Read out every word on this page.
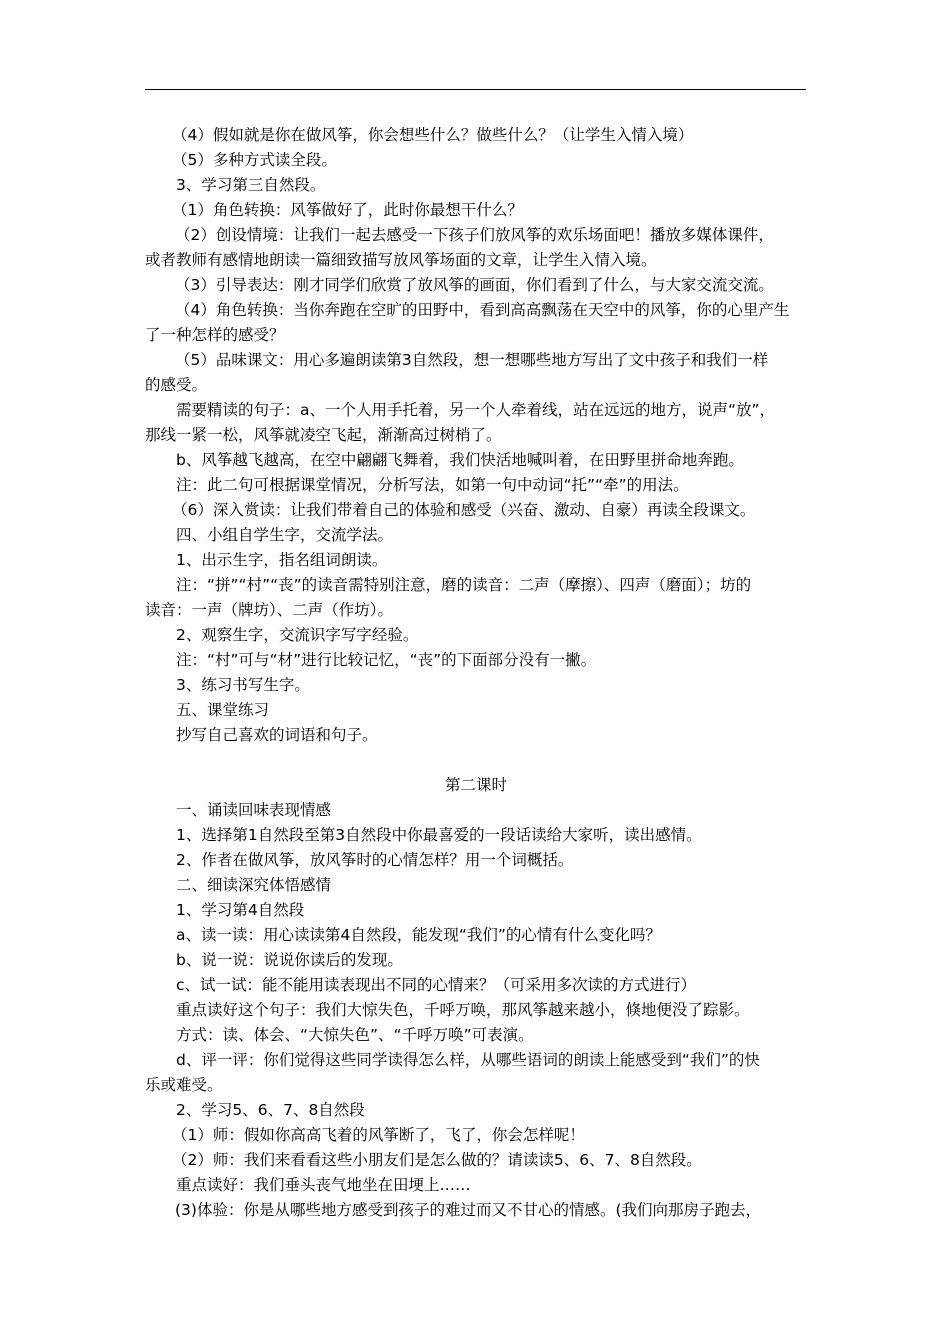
（4）假如就是你在做风筝，你会想些什么？做些什么？（让学生入情入境）
（5）多种方式读全段。
3、学习第三自然段。
（1）角色转换：风筝做好了，此时你最想干什么？
（2）创设情境：让我们一起去感受一下孩子们放风筝的欢乐场面吧！播放多媒体课件，
或者教师有感情地朗读一篇细致描写放风筝场面的文章，让学生入情入境。
（3）引导表达：刚才同学们欣赏了放风筝的画面，你们看到了什么，与大家交流交流。
（4）角色转换：当你奔跑在空旷的田野中，看到高高飘荡在天空中的风筝，你的心里产生
了一种怎样的感受？
（5）品味课文：用心多遍朗读第3自然段，想一想哪些地方写出了文中孩子和我们一样
的感受。
需要精读的句子：a、一个人用手托着，另一个人牵着线，站在远远的地方，说声“放”，
那线一紧一松，风筝就凌空飞起，渐渐高过树梢了。
b、风筝越飞越高，在空中翩翩飞舞着，我们快活地喊叫着，在田野里拼命地奔跑。
注：此二句可根据课堂情况，分析写法，如第一句中动词“托”“牵”的用法。
（6）深入赏读：让我们带着自己的体验和感受（兴奋、激动、自豪）再读全段课文。
四、小组自学生字，交流学法。
1、出示生字，指名组词朗读。
注：“拼”“村”“丧”的读音需特别注意，磨的读音：二声（摩擦）、四声（磨面）；坊的
读音：一声（牌坊）、二声（作坊）。
2、观察生字，交流识字写字经验。
注：“村”可与“材”进行比较记忆，“丧”的下面部分没有一撇。
3、练习书写生字。
五、课堂练习
抄写自己喜欢的词语和句子。
第二课时
一、诵读回味表现情感
1、选择第1自然段至第3自然段中你最喜爱的一段话读给大家听，读出感情。
2、作者在做风筝，放风筝时的心情怎样？用一个词概括。
二、细读深究体悟感情
1、学习第4自然段
a、读一读：用心读读第4自然段，能发现“我们”的心情有什么变化吗？
b、说一说：说说你读后的发现。
c、试一试：能不能用读表现出不同的心情来？（可采用多次读的方式进行）
重点读好这个句子：我们大惊失色，千呼万唤，那风筝越来越小，倏地便没了踪影。
方式：读、体会、“大惊失色”、“千呼万唤”可表演。
d、评一评：你们觉得这些同学读得怎么样，从哪些语词的朗读上能感受到“我们”的快
乐或难受。
2、学习5、6、7、8自然段
（1）师：假如你高高飞着的风筝断了，飞了，你会怎样呢！
（2）师：我们来看看这些小朋友们是怎么做的？请读读5、6、7、8自然段。
重点读好：我们垂头丧气地坐在田埂上……
(3)体验：你是从哪些地方感受到孩子的难过而又不甘心的情感。(我们向那房子跑去，
